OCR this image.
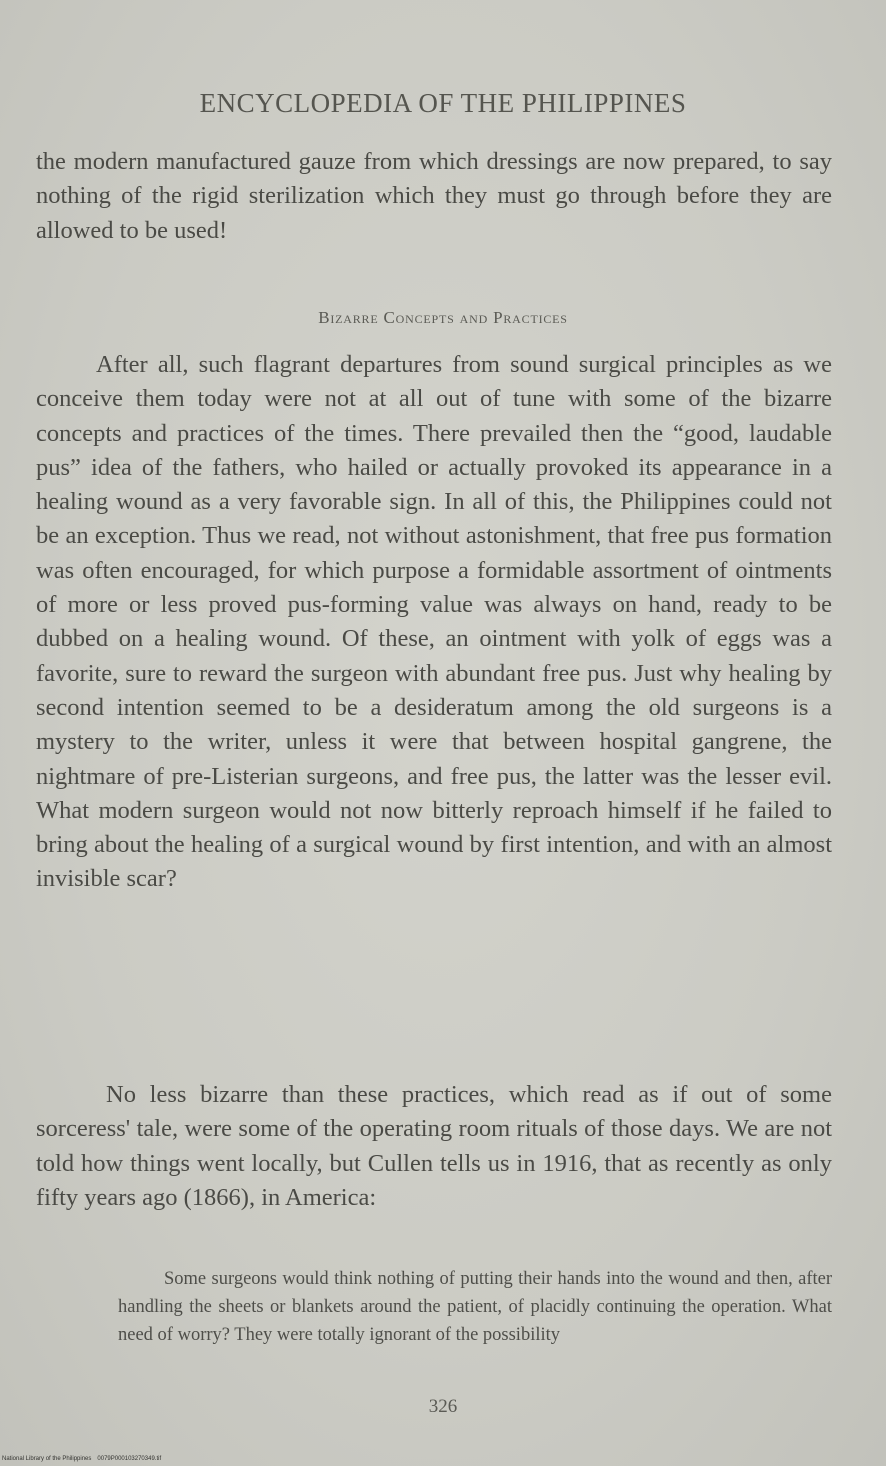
ENCYCLOPEDIA OF THE PHILIPPINES

the modern manufactured gauze from which dressings are now prepared, to say nothing of the rigid sterilization which they must go through before they are allowed to be used!

Bizarre Concepts and Practices

After all, such flagrant departures from sound surgical principles as we conceive them today were not at all out of tune with some of the bizarre concepts and practices of the times. There prevailed then the “good, laudable pus” idea of the fathers, who hailed or actually provoked its appearance in a healing wound as a very favorable sign. In all of this, the Philippines could not be an exception. Thus we read, not without astonishment, that free pus formation was often encouraged, for which purpose a formidable assortment of ointments of more or less proved pus-forming value was always on hand, ready to be dubbed on a healing wound. Of these, an ointment with yolk of eggs was a favorite, sure to reward the surgeon with abundant free pus. Just why healing by second intention seemed to be a desideratum among the old surgeons is a mystery to the writer, unless it were that between hospital gangrene, the nightmare of pre-Listerian surgeons, and free pus, the latter was the lesser evil. What modern surgeon would not now bitterly reproach himself if he failed to bring about the healing of a surgical wound by first intention, and with an almost invisible scar?

No less bizarre than these practices, which read as if out of some sorceress' tale, were some of the operating room rituals of those days. We are not told how things went locally, but Cullen tells us in 1916, that as recently as only fifty years ago (1866), in America:

Some surgeons would think nothing of putting their hands into the wound and then, after handling the sheets or blankets around the patient, of placidly continuing the operation. What need of worry? They were totally ignorant of the possibility

326
National Library of the Philippines 0079P000103270349.tif
